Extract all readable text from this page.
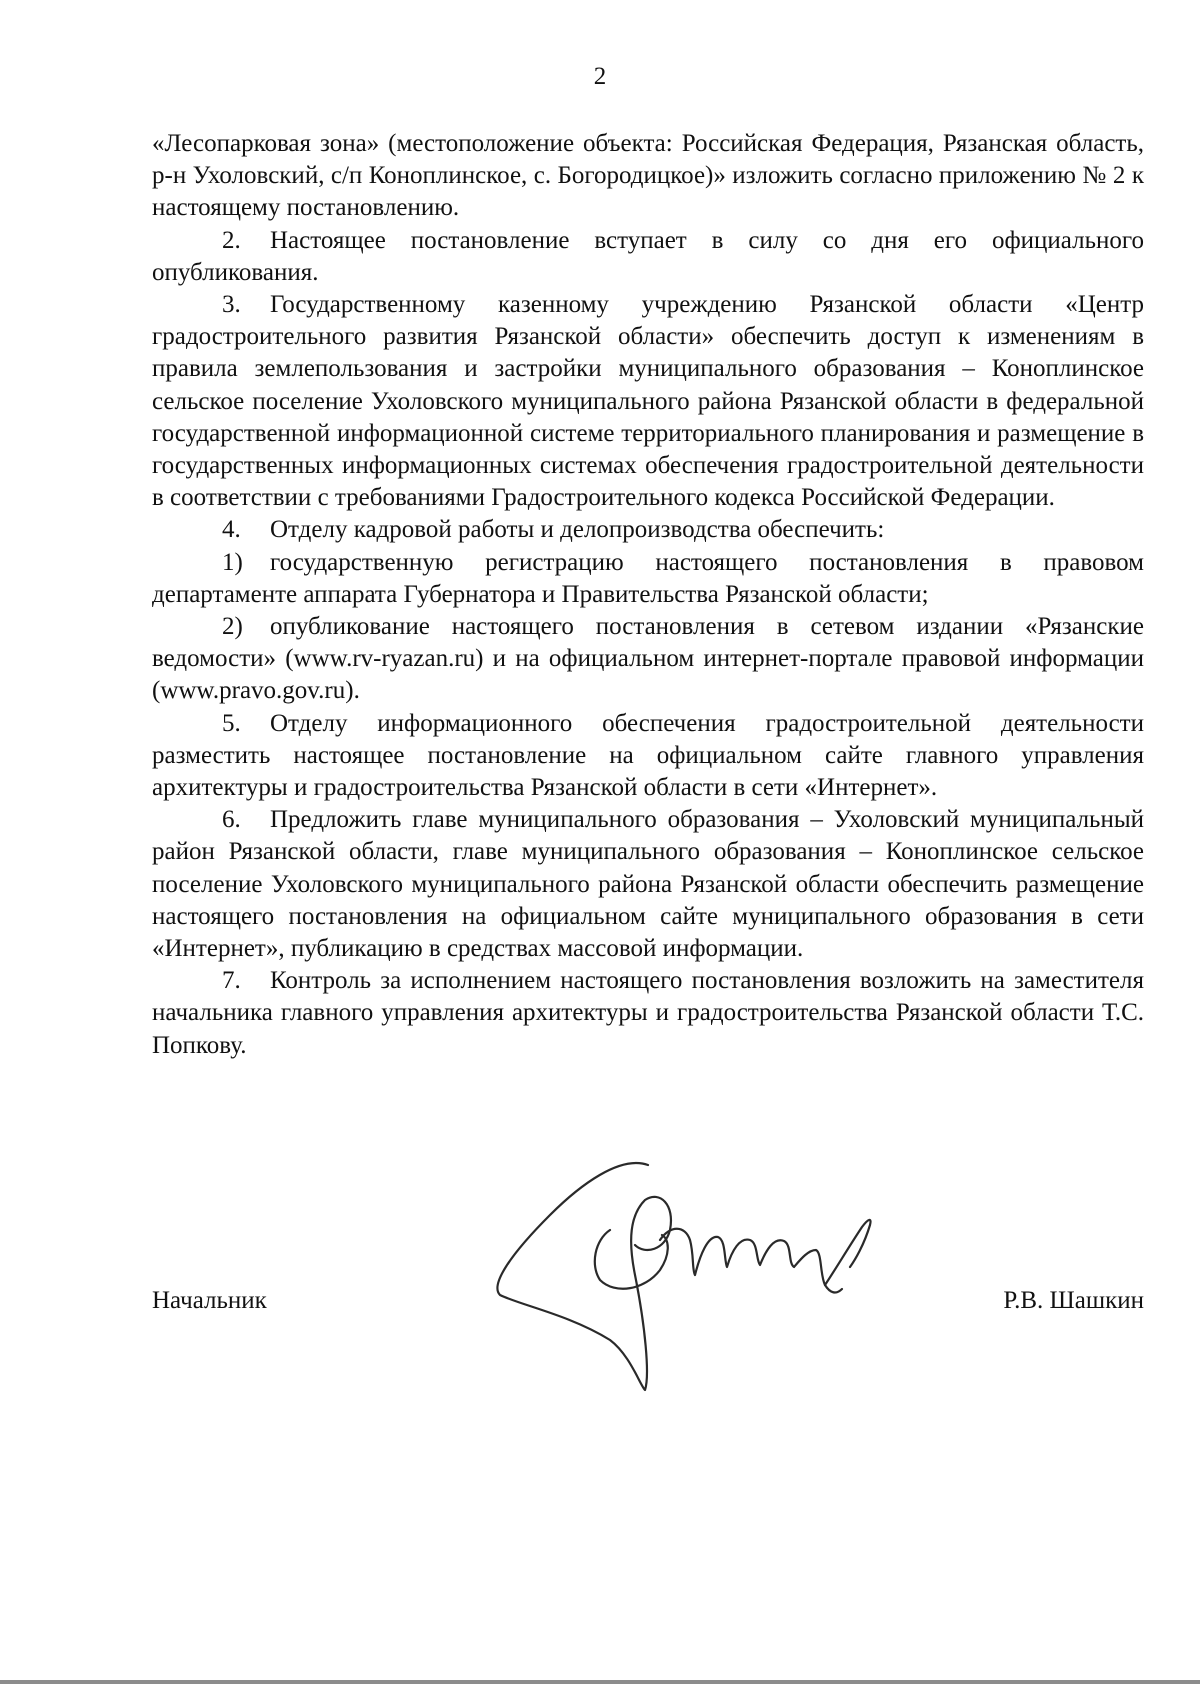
2

«Лесопарковая зона» (местоположение объекта: Российская Федерация, Рязанская область, р-н Ухоловский, с/п Коноплинское, с. Богородицкое)» изложить согласно приложению № 2 к настоящему постановлению.

2. Настоящее постановление вступает в силу со дня его официального опубликования.

3. Государственному казенному учреждению Рязанской области «Центр градостроительного развития Рязанской области» обеспечить доступ к изменениям в правила землепользования и застройки муниципального образования – Коноплинское сельское поселение Ухоловского муниципального района Рязанской области в федеральной государственной информационной системе территориального планирования и размещение в государственных информационных системах обеспечения градостроительной деятельности в соответствии с требованиями Градостроительного кодекса Российской Федерации.

4. Отделу кадровой работы и делопроизводства обеспечить:

1) государственную регистрацию настоящего постановления в правовом департаменте аппарата Губернатора и Правительства Рязанской области;

2) опубликование настоящего постановления в сетевом издании «Рязанские ведомости» (www.rv-ryazan.ru) и на официальном интернет-портале правовой информации (www.pravo.gov.ru).

5. Отделу информационного обеспечения градостроительной деятельности разместить настоящее постановление на официальном сайте главного управления архитектуры и градостроительства Рязанской области в сети «Интернет».

6. Предложить главе муниципального образования – Ухоловский муниципальный район Рязанской области, главе муниципального образования – Коноплинское сельское поселение Ухоловского муниципального района Рязанской области обеспечить размещение настоящего постановления на официальном сайте муниципального образования в сети «Интернет», публикацию в средствах массовой информации.

7. Контроль за исполнением настоящего постановления возложить на заместителя начальника главного управления архитектуры и градостроительства Рязанской области Т.С. Попкову.

Начальник	Р.В. Шашкин
